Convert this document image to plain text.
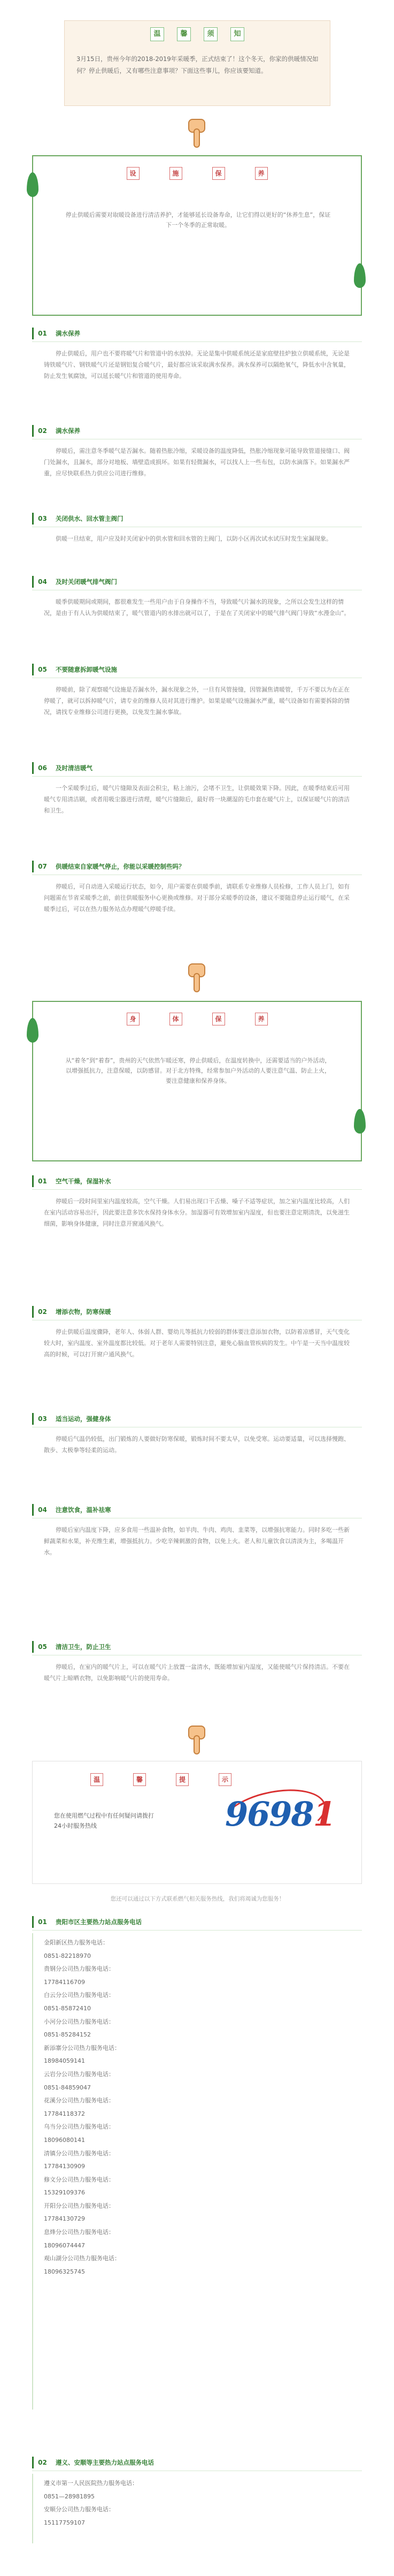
温	馨	须	知
3月15日，贵州今年的2018-2019年采暖季，正式结束了！这个冬天，你家的供暖情况如何？停止供暖后，又有哪些注意事项？下面这些事儿，你应该要知道。
设	施	保	养
停止供暖后需要对取暖设备进行清洁养护，才能够延长设备寿命，让它们得以更好的“休养生息”，保证下一个冬季的正常取暖。
01	满水保养
停止供暖后，用户也不要将暖气片和管道中的水放掉。无论是集中供暖系统还是家庭壁挂炉独立供暖系统，无论是铸铁暖气片、钢铁暖气片还是钢铝复合暖气片，最好都应该采取满水保养。满水保养可以隔绝氧气，降低水中含氧量，防止发生氧腐蚀，可以延长暖气片和管道的使用寿命。
02	满水保养
停暖后，需注意冬季暖气是否漏水。随着热胀冷缩，采暖设备的温度降低，热胀冷缩现象可能导致管道接缝口、阀门处漏水，且漏水，部分对地板、墙壁造成损坏。如果有轻微漏水，可以找人上一些布包，以防水滴落下。如果漏水严重，应尽快联系热力供应公司进行维修。
03	关闭供水、回水管主阀门
供暖一旦结束，用户应及时关闭家中的供水管和回水管的主阀门，以防小区再次试水试压时发生室漏现象。
04	及时关闭暖气排气阀门
暖季供暖期间或期间，都很难发生一些用户由于自身操作不当，导致暖气片漏水的现象，之所以会发生这样的情况，是由于有人认为供暖结束了，暖气管道内的水排出就可以了，于是在了关闭家中的暖气排气阀门导致“水漫金山”。
05	不要随意拆卸暖气设施
停暖前，除了观察暖气设施是否漏水外，漏水现象之外，一旦有风管接缝，因管漏焦请暖管，千万不要以为在正在停暖了，就可以拆掉暖气片，请专业的维修人员对其进行维护。如果是暖气设施漏水严重，暖气设备如有需要拆除的情况，请找专业维修公司进行更换，以免发生漏水事故。
06	及时清洁暖气
一个采暖季过后，暖气片缝隙及表面会积尘，粘上油污，会堵不卫生，让供暖效果下降。因此，在暖季结束后可用暖气专用清洁刷，或者用吸尘器进行清理，暖气片缝隙后，最好将一块潮湿的毛巾套在暖气片上，以保证暖气片的清洁和卫生。
07	供暖结束自家暖气停止，你能以采暖控制些吗？
停暖后，可自动进入采暖运行状态，如今，用户需要在供暖季前，请联系专业维修人员检修，工作人员上门，如有问题需在节省采暖季之前，前往供暖服务中心更换或维修。对于部分采暖季的设备，建议不要随意停止运行暖气，在采暖季过后，可以在热力服务站点办理暖气停暖手续。
身	体	保	养
从“着冬”到“着春”，贵州的天气依然乍暖还寒，停止供暖后，在温度转换中，还需要适当的户外活动，以增强抵抗力，注意保暖，以防感冒。对于北方特殊，经常参加户外活动的人要注意气温、防止上火，要注意健康和保养身体。
01	空气干燥，保湿补水
停暖后一段时间里室内温度较高，空气干燥。人们易出现口干舌燥、嗓子不适等症状，加之室内温度比较高，人们在室内活动容易出汗，因此要注意多饮水保持身体水分。加湿器可有效增加室内湿度，但也要注意定期清洗，以免滋生细菌，影响身体健康，同时注意开窗通风换气。
02	增添衣物，防寒保暖
停止供暖后温度骤降，老年人、体弱人群、婴幼儿等抵抗力较弱的群体要注意添加衣物，以防着凉感冒，天气变化较大时，室内温度、室外温度都比较低。对于老年人需要特别注意，避免心脑血管疾病的发生。中午是一天当中温度较高的时候，可以打开窗户通风换气。
03	适当运动，强健身体
停暖后气温仍较低，出门锻炼的人要做好防寒保暖，锻炼时间不要太早，以免受寒。运动要适量，可以选择慢跑、散步、太极拳等轻柔的运动。
04	注意饮食，温补祛寒
停暖后室内温度下降，应多食用一些温补食物，如羊肉、牛肉、鸡肉、韭菜等，以增强抗寒能力。同时多吃一些新鲜蔬菜和水果，补充维生素，增强抵抗力。少吃辛辣刺激的食物，以免上火。老人和儿童饮食以清淡为主，多喝温开水。
05	清洁卫生，防止卫生
停暖后，在室内的暖气片上，可以在暖气片上放置一盆清水，既能增加室内湿度，又能使暖气片保持清洁。不要在暖气片上晾晒衣物，以免影响暖气片的使用寿命。
温	馨	提	示
您在使用燃气过程中有任何疑问请拨打24小时服务热线	96981
您还可以通过以下方式联系燃气相关服务热线，我们将竭诚为您服务！
01	贵阳市区主要热力站点服务电话
金阳新区热力服务电话：
0851-82218970
贵钢分公司热力服务电话：
17784116709
白云分公司热力服务电话：
0851-85872410
小河分公司热力服务电话：
0851-85284152
新添寨分公司热力服务电话：
18984059141
云岩分公司热力服务电话：
0851-84859047
花溪分公司热力服务电话：
17784118372
乌当分公司热力服务电话：
18096080141
清镇分公司热力服务电话：
17784130909
修文分公司热力服务电话：
15329109376
开阳分公司热力服务电话：
17784130729
息烽分公司热力服务电话：
18096074447
观山湖分公司热力服务电话：
18096325745
02	遵义、安顺等主要热力站点服务电话
遵义市第一人民医院热力服务电话：
0851—28981895
安顺分公司热力服务电话：
15117759107
